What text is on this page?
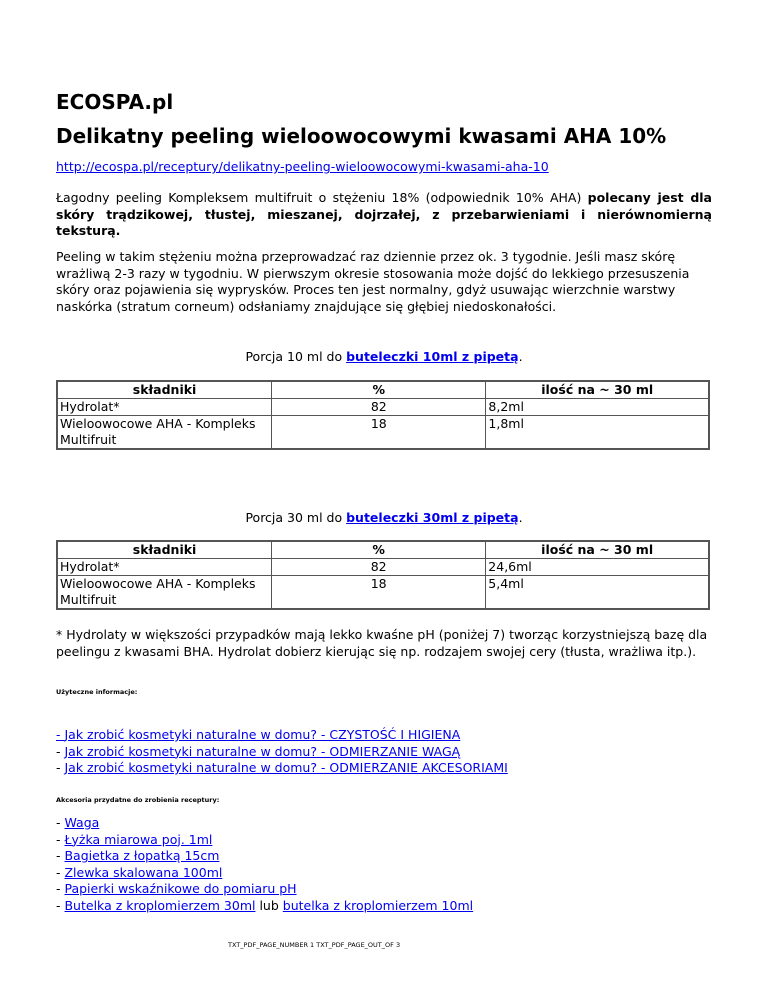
ECOSPA.pl
Delikatny peeling wieloowocowymi kwasami AHA 10%
http://ecospa.pl/receptury/delikatny-peeling-wieloowocowymi-kwasami-aha-10

Łagodny peeling Kompleksem multifruit o stężeniu 18% (odpowiednik 10% AHA) polecany jest dla skóry trądzikowej, tłustej, mieszanej, dojrzałej, z przebarwieniami i nierównomierną teksturą.

Peeling w takim stężeniu można przeprowadzać raz dziennie przez ok. 3 tygodnie. Jeśli masz skórę wrażliwą 2-3 razy w tygodniu. W pierwszym okresie stosowania może dojść do lekkiego przesuszenia skóry oraz pojawienia się wyprysków. Proces ten jest normalny, gdyż usuwając wierzchnie warstwy naskórka (stratum corneum) odsłaniamy znajdujące się głębiej niedoskonałości.

Porcja 10 ml do buteleczki 10ml z pipetą.
składniki	%	ilość na ~ 30 ml
Hydrolat*	82	8,2ml
Wieloowocowe AHA - Kompleks Multifruit	18	1,8ml
Porcja 30 ml do buteleczki 30ml z pipetą.
składniki	%	ilość na ~ 30 ml
Hydrolat*	82	24,6ml
Wieloowocowe AHA - Kompleks Multifruit	18	5,4ml

* Hydrolaty w większości przypadków mają lekko kwaśne pH (poniżej 7) tworząc korzystniejszą bazę dla peelingu z kwasami BHA. Hydrolat dobierz kierując się np. rodzajem swojej cery (tłusta, wrażliwa itp.).

Użyteczne informacje:
- Jak zrobić kosmetyki naturalne w domu? - CZYSTOŚĆ I HIGIENA
- Jak zrobić kosmetyki naturalne w domu? - ODMIERZANIE WAGĄ
- Jak zrobić kosmetyki naturalne w domu? - ODMIERZANIE AKCESORIAMI
Akcesoria przydatne do zrobienia receptury:
- Waga
- Łyżka miarowa poj. 1ml
- Bagietka z łopatką 15cm
- Zlewka skalowana 100ml
- Papierki wskaźnikowe do pomiaru pH
- Butelka z kroplomierzem 30ml lub butelka z kroplomierzem 10ml
TXT_PDF_PAGE_NUMBER 1 TXT_PDF_PAGE_OUT_OF 3
